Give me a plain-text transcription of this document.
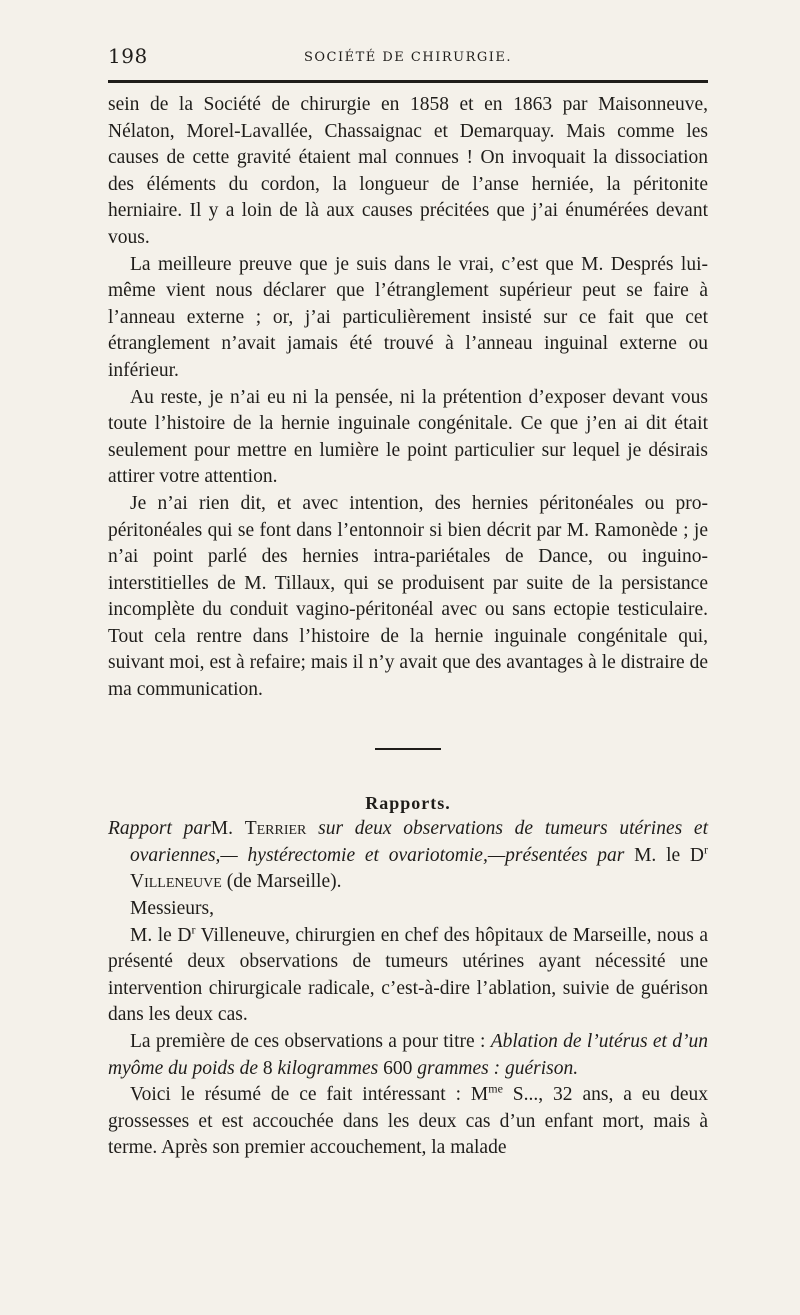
198	SOCIÉTÉ DE CHIRURGIE.

sein de la Société de chirurgie en 1858 et en 1863 par Maisonneuve, Nélaton, Morel-Lavallée, Chassaignac et Demarquay. Mais comme les causes de cette gravité étaient mal connues ! On invoquait la dissociation des éléments du cordon, la longueur de l’anse herniée, la péritonite herniaire. Il y a loin de là aux causes précitées que j’ai énumérées devant vous.

La meilleure preuve que je suis dans le vrai, c’est que M. Després lui-même vient nous déclarer que l’étranglement supérieur peut se faire à l’anneau externe ; or, j’ai particulièrement insisté sur ce fait que cet étranglement n’avait jamais été trouvé à l’anneau inguinal externe ou inférieur.

Au reste, je n’ai eu ni la pensée, ni la prétention d’exposer devant vous toute l’histoire de la hernie inguinale congénitale. Ce que j’en ai dit était seulement pour mettre en lumière le point particulier sur lequel je désirais attirer votre attention.

Je n’ai rien dit, et avec intention, des hernies péritonéales ou pro-péritonéales qui se font dans l’entonnoir si bien décrit par M. Ramonède ; je n’ai point parlé des hernies intra-pariétales de Dance, ou inguino-interstitielles de M. Tillaux, qui se produisent par suite de la persistance incomplète du conduit vagino-péritonéal avec ou sans ectopie testiculaire. Tout cela rentre dans l’histoire de la hernie inguinale congénitale qui, suivant moi, est à refaire; mais il n’y avait que des avantages à le distraire de ma communication.

Rapports.

Rapport parM. Terrier sur deux observations de tumeurs utérines et ovariennes,— hystérectomie et ovariotomie,—présentées par M. le $D^r$ Villeneuve (de Marseille).

Messieurs,

M. le $D^r$ Villeneuve, chirurgien en chef des hôpitaux de Marseille, nous a présenté deux observations de tumeurs utérines ayant nécessité une intervention chirurgicale radicale, c’est-à-dire l’ablation, suivie de guérison dans les deux cas.

La première de ces observations a pour titre : Ablation de l’utérus et d’un myôme du poids de 8 kilogrammes 600 grammes : guérison.

Voici le résumé de ce fait intéressant : $M^{me}$ S..., 32 ans, a eu deux grossesses et est accouchée dans les deux cas d’un enfant mort, mais à terme. Après son premier accouchement, la malade
